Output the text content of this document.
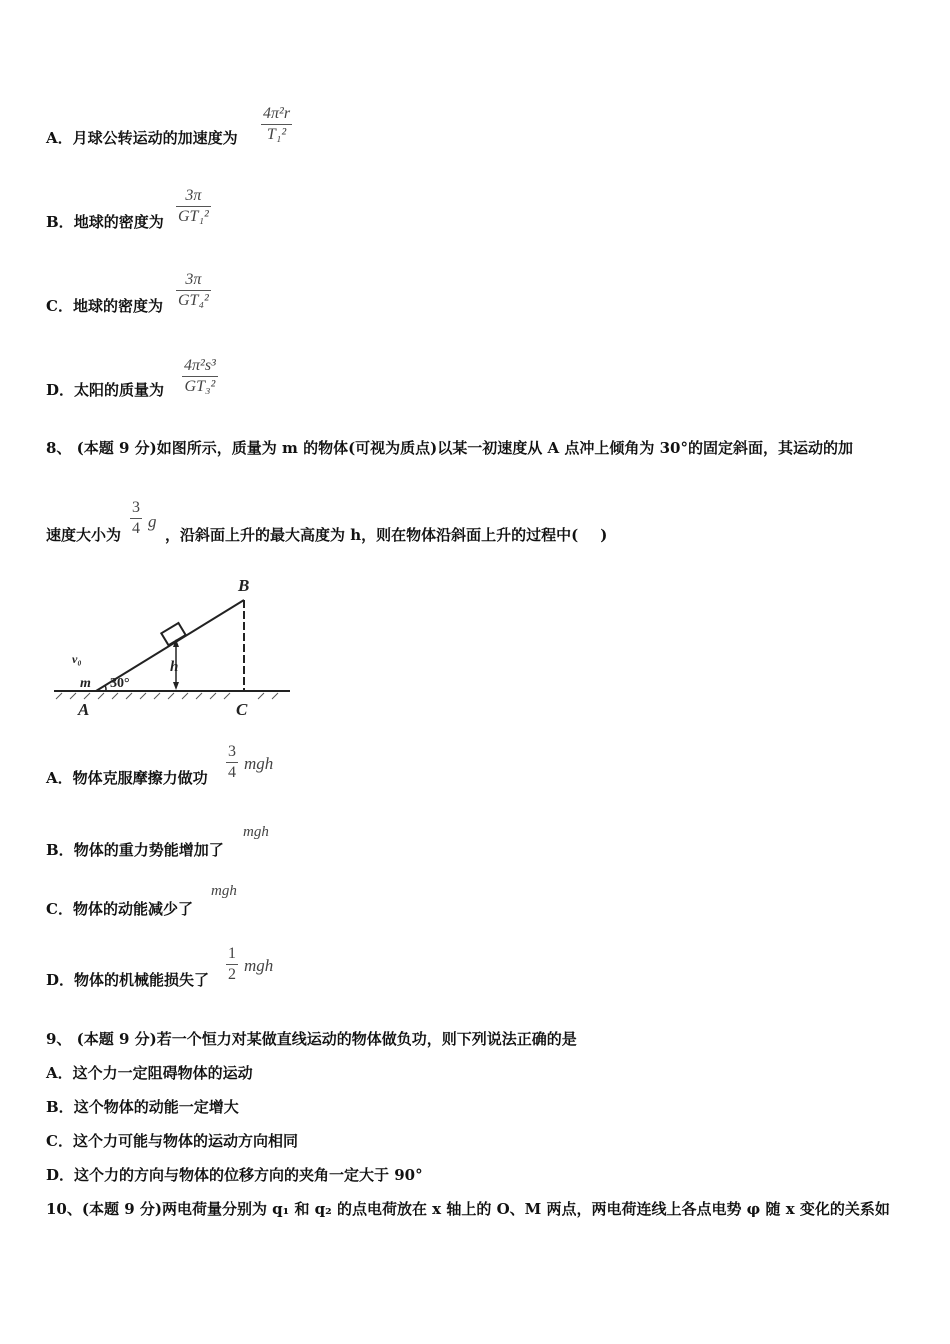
A．月球公转运动的加速度为 $\frac{\text{4π²r}}{\text{T₁²}}$
B．地球的密度为 $\frac{3\pi}{\text{GT₁²}}$
C．地球的密度为 $\frac{3\pi}{\text{GT₄²}}$
D．太阳的质量为 $\frac{\text{4π²s³}}{\text{GT₃²}}$
8、 (本题 9 分)如图所示，质量为 m 的物体(可视为质点)以某一初速度从 A 点冲上倾角为 30°的固定斜面，其运动的加
速度大小为	，沿斜面上升的最大高度为 h，则在物体沿斜面上升的过程中( )
$\frac{3}{4}$ g
A
B
C
h
m
v₀
30°
A．物体克服摩擦力做功 $\frac{3}{4}$ mgh
B．物体的重力势能增加了
mgh
C．物体的动能减少了
mgh
D．物体的机械能损失了 $\frac{1}{2}$ mgh
9、 (本题 9 分)若一个恒力对某做直线运动的物体做负功，则下列说法正确的是
A．这个力一定阻碍物体的运动
B．这个物体的动能一定增大
C．这个力可能与物体的运动方向相同
D．这个力的方向与物体的位移方向的夹角一定大于 90°
10、(本题 9 分)两电荷量分别为 q₁ 和 q₂ 的点电荷放在 x 轴上的 O、M 两点，两电荷连线上各点电势 φ 随 x 变化的关系如
